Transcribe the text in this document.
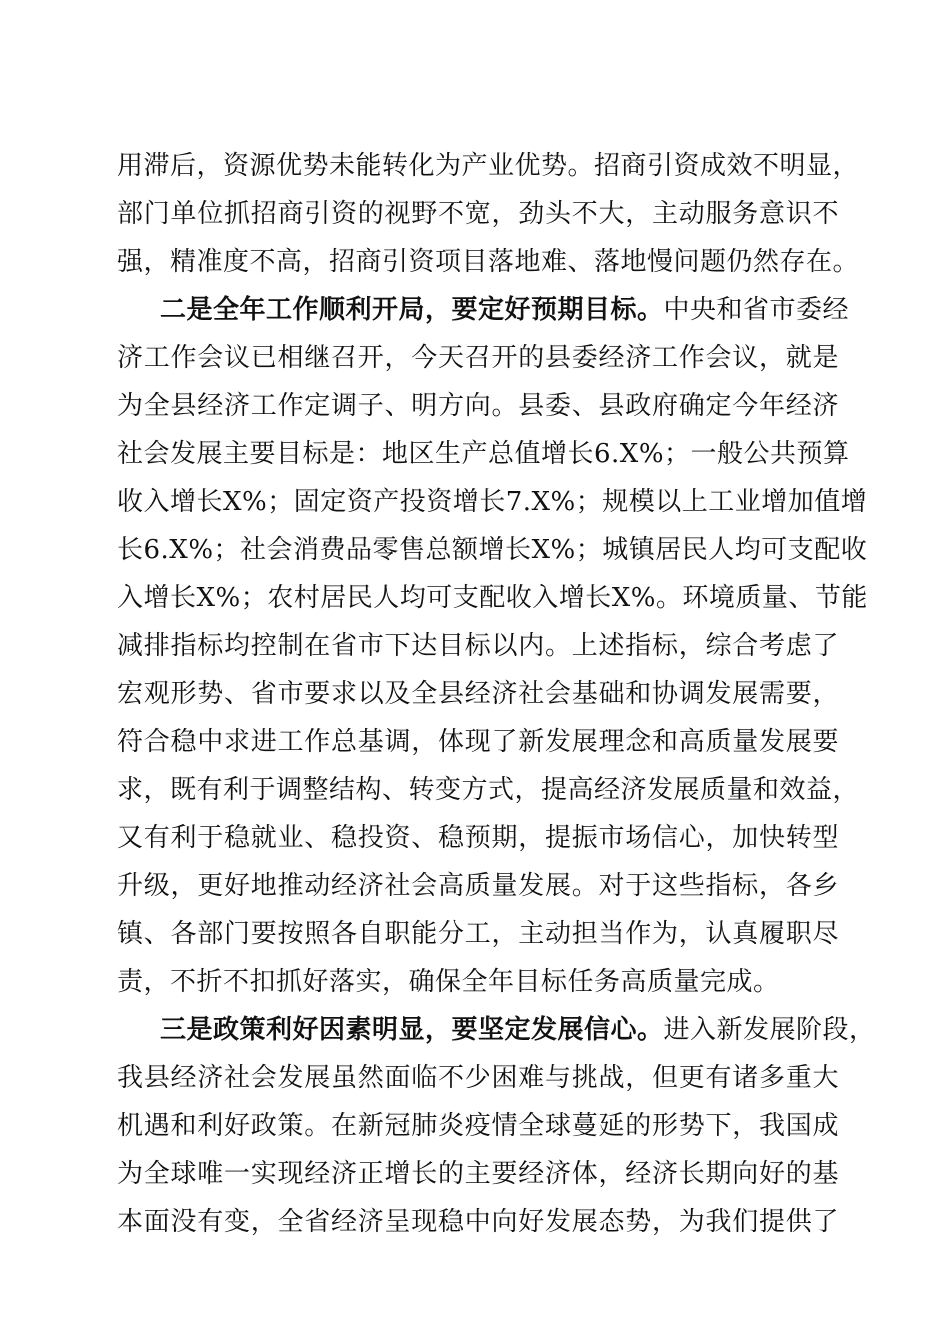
用滞后，资源优势未能转化为产业优势。招商引资成效不明显，
部门单位抓招商引资的视野不宽，劲头不大，主动服务意识不
强，精准度不高，招商引资项目落地难、落地慢问题仍然存在。
二是全年工作顺利开局，要定好预期目标。中央和省市委经
济工作会议已相继召开，今天召开的县委经济工作会议，就是
为全县经济工作定调子、明方向。县委、县政府确定今年经济
社会发展主要目标是：地区生产总值增长6.X%；一般公共预算
收入增长X%；固定资产投资增长7.X%；规模以上工业增加值增
长6.X%；社会消费品零售总额增长X%；城镇居民人均可支配收
入增长X%；农村居民人均可支配收入增长X%。环境质量、节能
减排指标均控制在省市下达目标以内。上述指标，综合考虑了
宏观形势、省市要求以及全县经济社会基础和协调发展需要，
符合稳中求进工作总基调，体现了新发展理念和高质量发展要
求，既有利于调整结构、转变方式，提高经济发展质量和效益，
又有利于稳就业、稳投资、稳预期，提振市场信心，加快转型
升级，更好地推动经济社会高质量发展。对于这些指标，各乡
镇、各部门要按照各自职能分工，主动担当作为，认真履职尽
责，不折不扣抓好落实，确保全年目标任务高质量完成。
三是政策利好因素明显，要坚定发展信心。进入新发展阶段，
我县经济社会发展虽然面临不少困难与挑战，但更有诸多重大
机遇和利好政策。在新冠肺炎疫情全球蔓延的形势下，我国成
为全球唯一实现经济正增长的主要经济体，经济长期向好的基
本面没有变，全省经济呈现稳中向好发展态势，为我们提供了
